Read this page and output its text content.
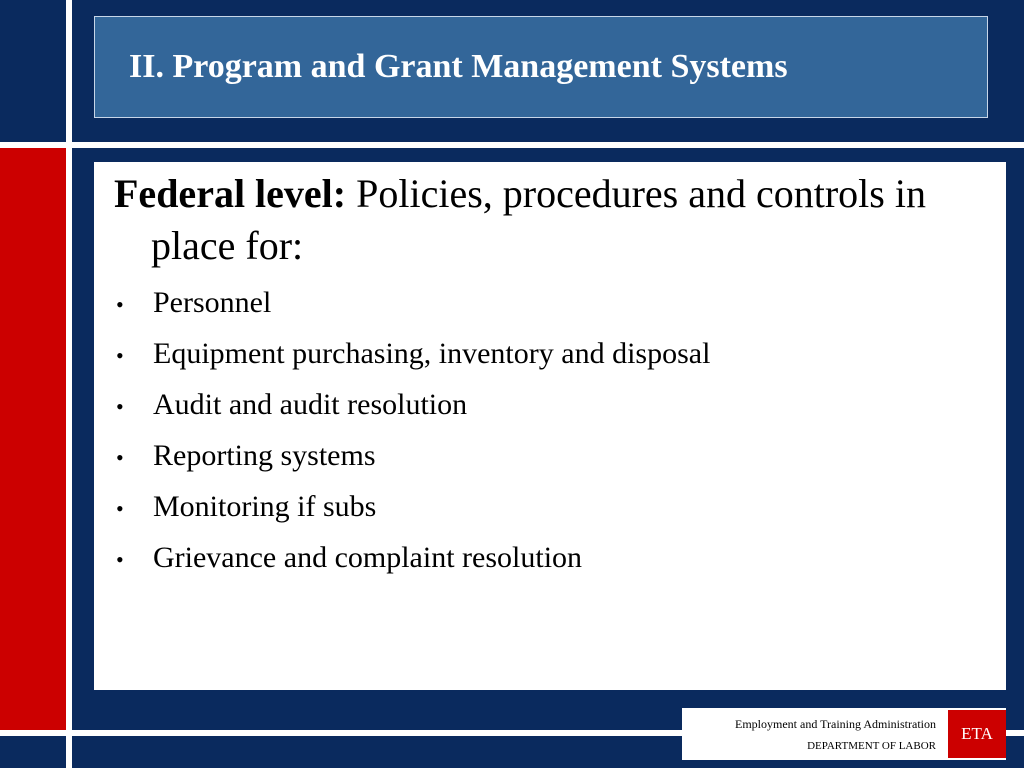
II. Program and Grant Management Systems

Federal level: Policies, procedures and controls in place for:

• Personnel
• Equipment purchasing, inventory and disposal
• Audit and audit resolution
• Reporting systems
• Monitoring if subs
• Grievance and complaint resolution
Employment and Training Administration
DEPARTMENT OF LABOR
ETA
